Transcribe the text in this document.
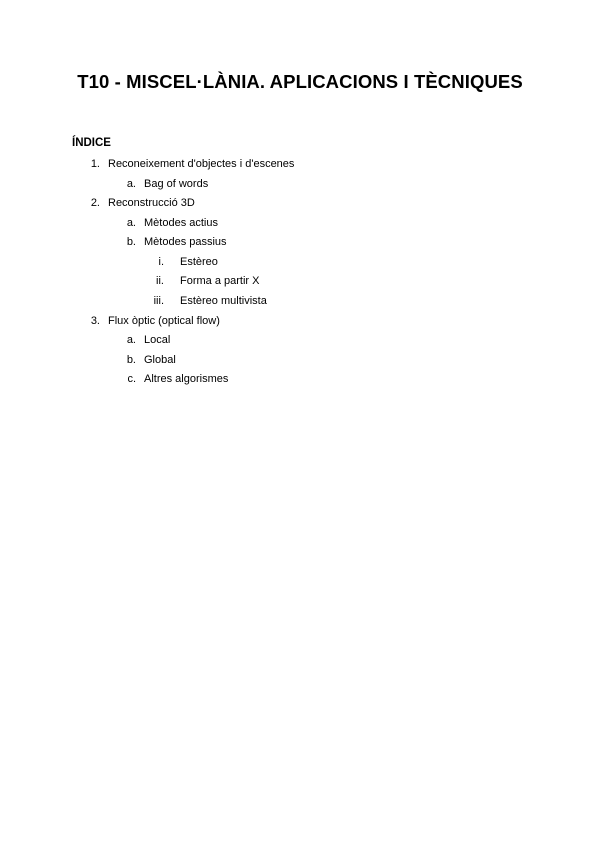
T10 - MISCEL·LÀNIA. APLICACIONS I TÈCNIQUES
ÍNDICE
1. Reconeixement d'objectes i d'escenes
a. Bag of words
2. Reconstrucció 3D
a. Mètodes actius
b. Mètodes passius
i. Estèreo
ii. Forma a partir X
iii. Estèreo multivista
3. Flux òptic (optical flow)
a. Local
b. Global
c. Altres algorismes
